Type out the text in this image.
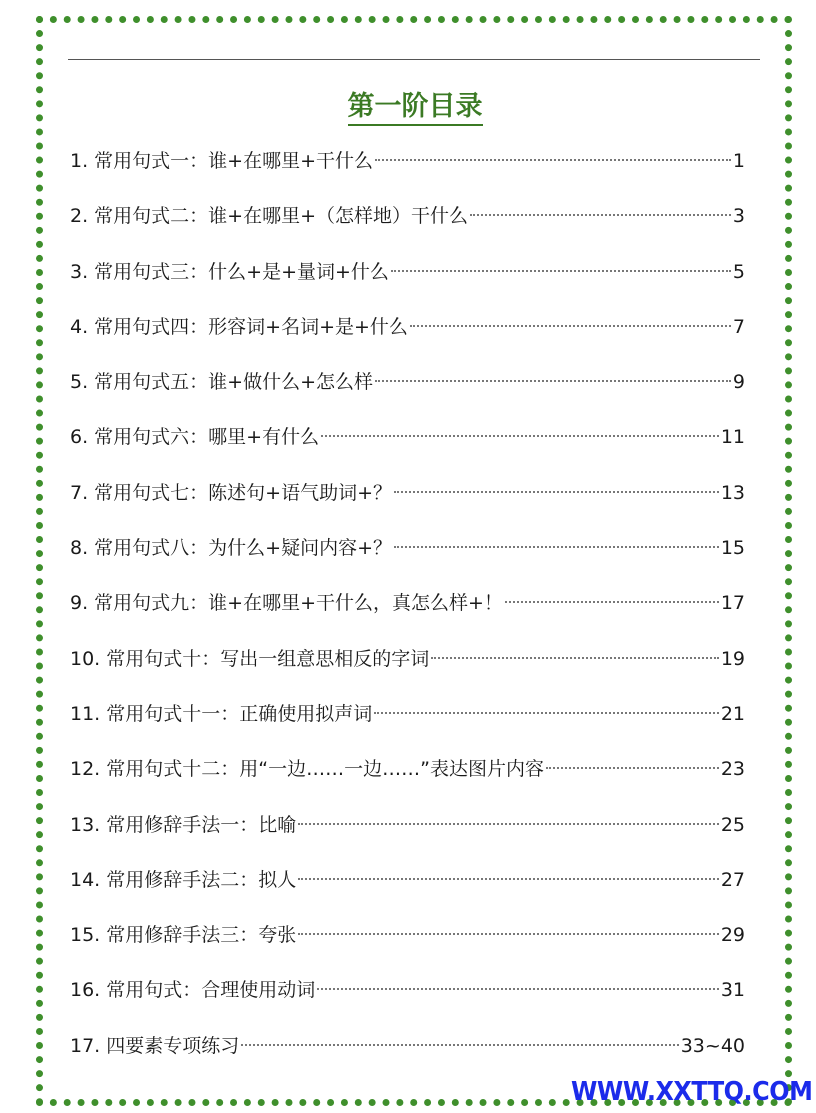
第一阶目录
1. 常用句式一：谁+在哪里+干什么	1
2. 常用句式二：谁+在哪里+（怎样地）干什么	3
3. 常用句式三：什么+是+量词+什么	5
4. 常用句式四：形容词+名词+是+什么	7
5. 常用句式五：谁+做什么+怎么样	9
6. 常用句式六：哪里+有什么	11
7. 常用句式七：陈述句+语气助词+？	13
8. 常用句式八：为什么+疑问内容+？	15
9. 常用句式九：谁+在哪里+干什么，真怎么样+！	17
10. 常用句式十：写出一组意思相反的字词	19
11. 常用句式十一：正确使用拟声词	21
12. 常用句式十二：用“一边……一边……”表达图片内容	23
13. 常用修辞手法一：比喻	25
14. 常用修辞手法二：拟人	27
15. 常用修辞手法三：夸张	29
16. 常用句式：合理使用动词	31
17. 四要素专项练习	33~40
WWW.XXTTQ.COM
